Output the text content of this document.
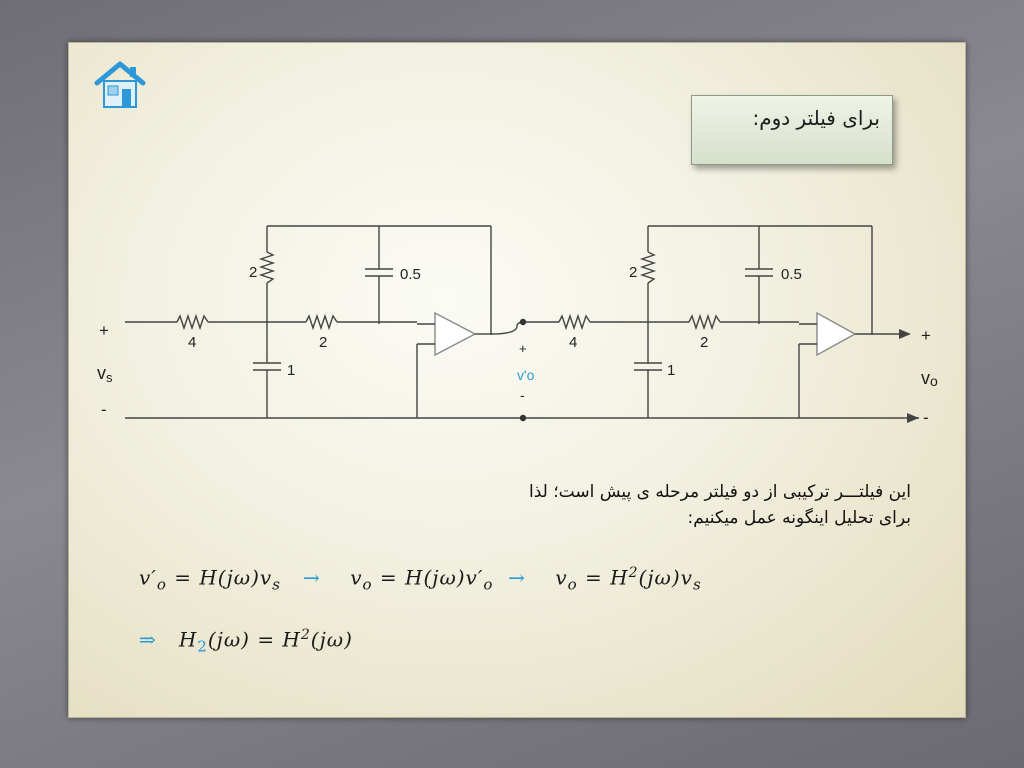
برای فیلتر دوم:
4	2
2	0.5
1
4	2
2	0.5
1
+
vs
-
+
v'o
-
+
vo
-
این فیلتـــر ترکیبی از دو فیلتر مرحله ی پیش است؛ لذا
برای تحلیل اینگونه عمل میکنیم:
$v'_o = H(j\omega)v_s \to v_o = H(j\omega)v'_o \to v_o = H^2(j\omega)v_s$
⇒ $H_2(j\omega) = H^2(j\omega)$
